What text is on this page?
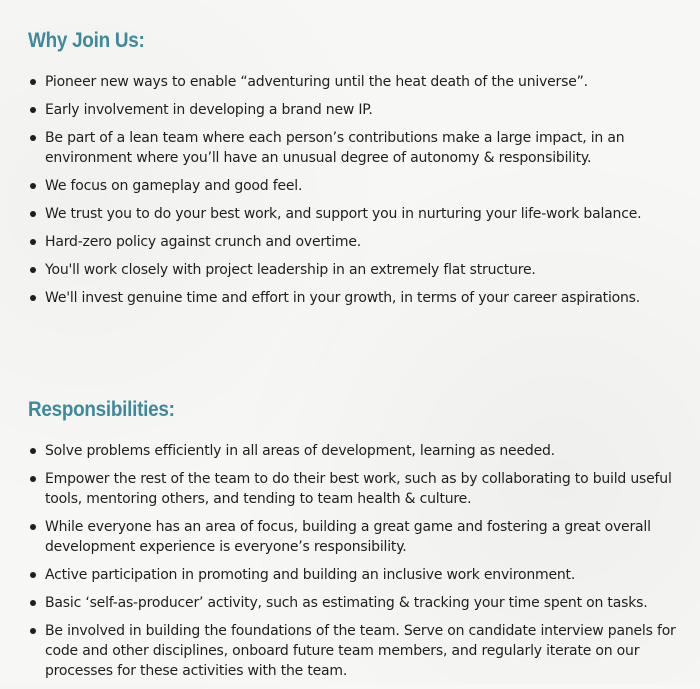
Why Join Us:
Pioneer new ways to enable “adventuring until the heat death of the universe”.
Early involvement in developing a brand new IP.
Be part of a lean team where each person’s contributions make a large impact, in an environment where you’ll have an unusual degree of autonomy & responsibility.
We focus on gameplay and good feel.
We trust you to do your best work, and support you in nurturing your life-work balance.
Hard-zero policy against crunch and overtime.
You'll work closely with project leadership in an extremely flat structure.
We'll invest genuine time and effort in your growth, in terms of your career aspirations.
Responsibilities:
Solve problems efficiently in all areas of development, learning as needed.
Empower the rest of the team to do their best work, such as by collaborating to build useful tools, mentoring others, and tending to team health & culture.
While everyone has an area of focus, building a great game and fostering a great overall development experience is everyone’s responsibility.
Active participation in promoting and building an inclusive work environment.
Basic ‘self-as-producer’ activity, such as estimating & tracking your time spent on tasks.
Be involved in building the foundations of the team. Serve on candidate interview panels for code and other disciplines, onboard future team members, and regularly iterate on our processes for these activities with the team.
